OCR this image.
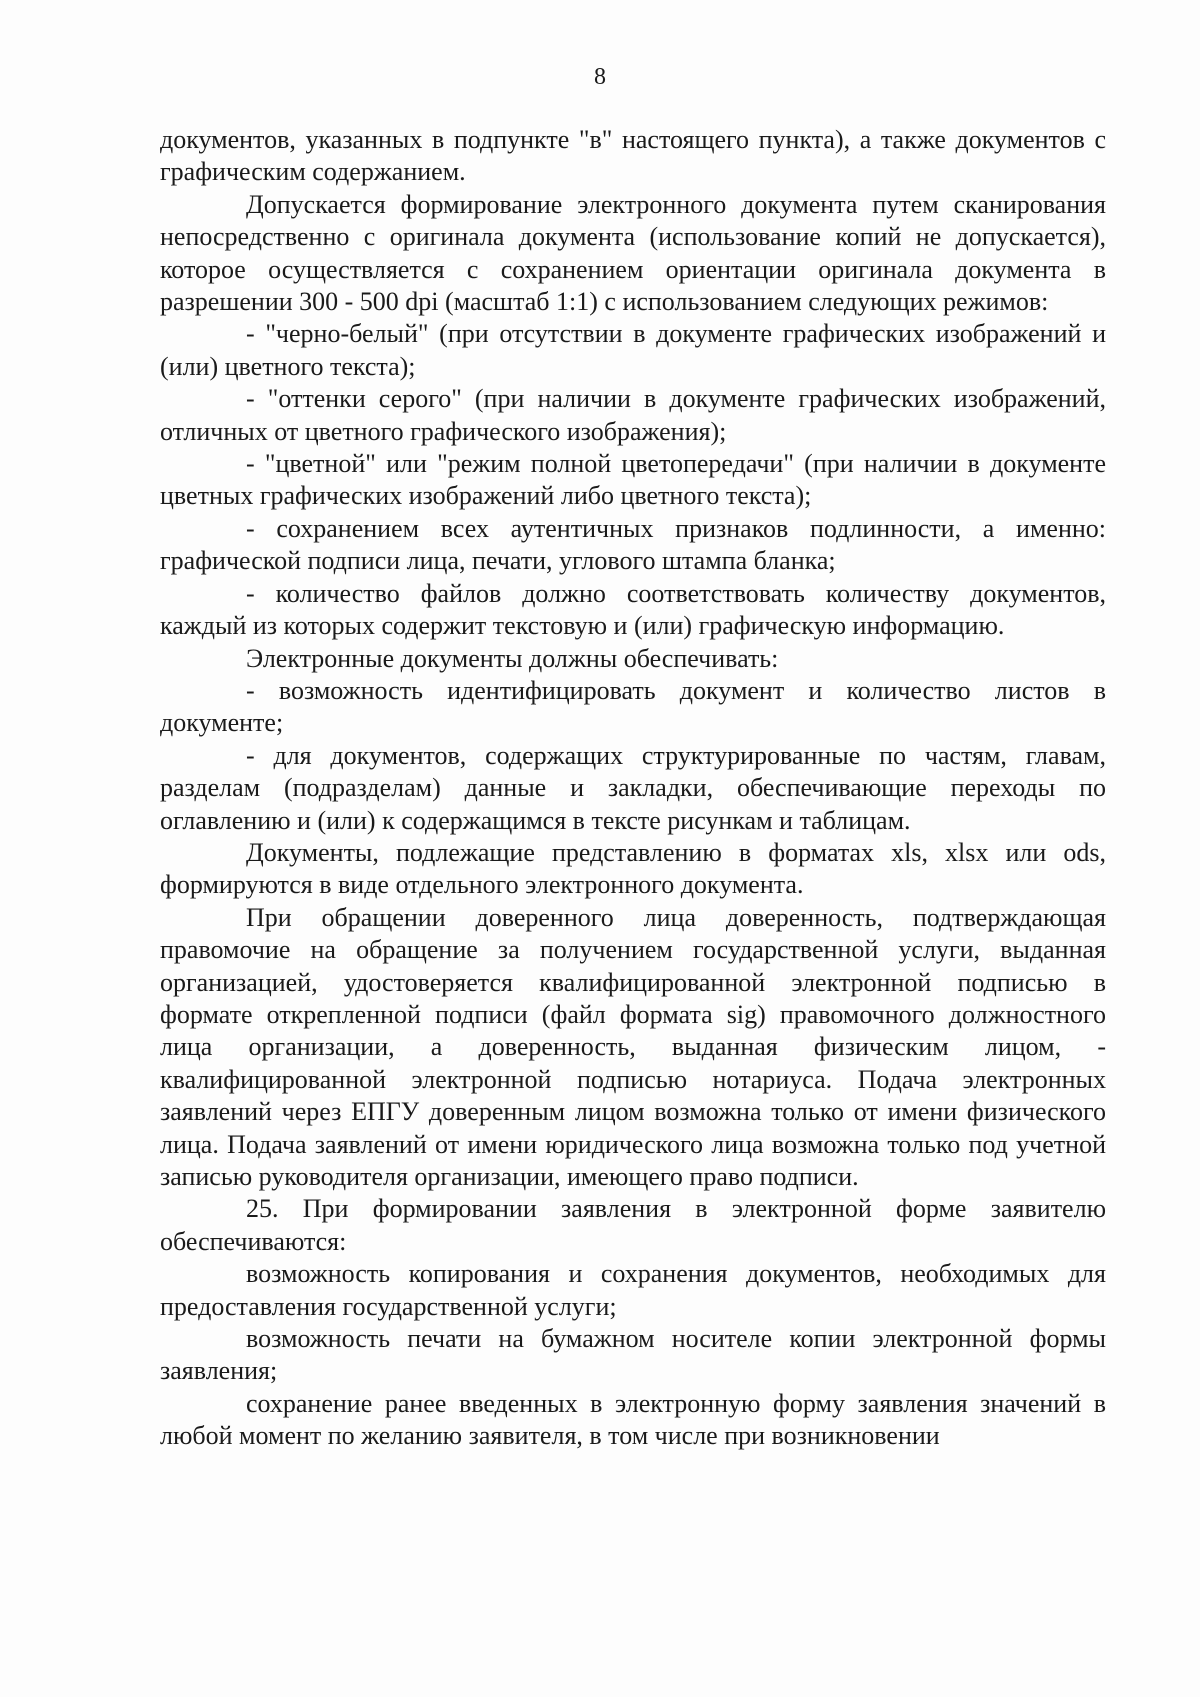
8

документов, указанных в подпункте "в" настоящего пункта), а также документов с графическим содержанием.

Допускается формирование электронного документа путем сканирования непосредственно с оригинала документа (использование копий не допускается), которое осуществляется с сохранением ориентации оригинала документа в разрешении 300 - 500 dpi (масштаб 1:1) с использованием следующих режимов:

- "черно-белый" (при отсутствии в документе графических изображений и (или) цветного текста);

- "оттенки серого" (при наличии в документе графических изображений, отличных от цветного графического изображения);

- "цветной" или "режим полной цветопередачи" (при наличии в документе цветных графических изображений либо цветного текста);

- сохранением всех аутентичных признаков подлинности, а именно: графической подписи лица, печати, углового штампа бланка;

- количество файлов должно соответствовать количеству документов, каждый из которых содержит текстовую и (или) графическую информацию.

Электронные документы должны обеспечивать:

- возможность идентифицировать документ и количество листов в документе;

- для документов, содержащих структурированные по частям, главам, разделам (подразделам) данные и закладки, обеспечивающие переходы по оглавлению и (или) к содержащимся в тексте рисункам и таблицам.

Документы, подлежащие представлению в форматах xls, xlsx или ods, формируются в виде отдельного электронного документа.

При обращении доверенного лица доверенность, подтверждающая правомочие на обращение за получением государственной услуги, выданная организацией, удостоверяется квалифицированной электронной подписью в формате открепленной подписи (файл формата sig) правомочного должностного лица организации, а доверенность, выданная физическим лицом, - квалифицированной электронной подписью нотариуса. Подача электронных заявлений через ЕПГУ доверенным лицом возможна только от имени физического лица. Подача заявлений от имени юридического лица возможна только под учетной записью руководителя организации, имеющего право подписи.

25. При формировании заявления в электронной форме заявителю обеспечиваются:

возможность копирования и сохранения документов, необходимых для предоставления государственной услуги;

возможность печати на бумажном носителе копии электронной формы заявления;

сохранение ранее введенных в электронную форму заявления значений в любой момент по желанию заявителя, в том числе при возникновении
